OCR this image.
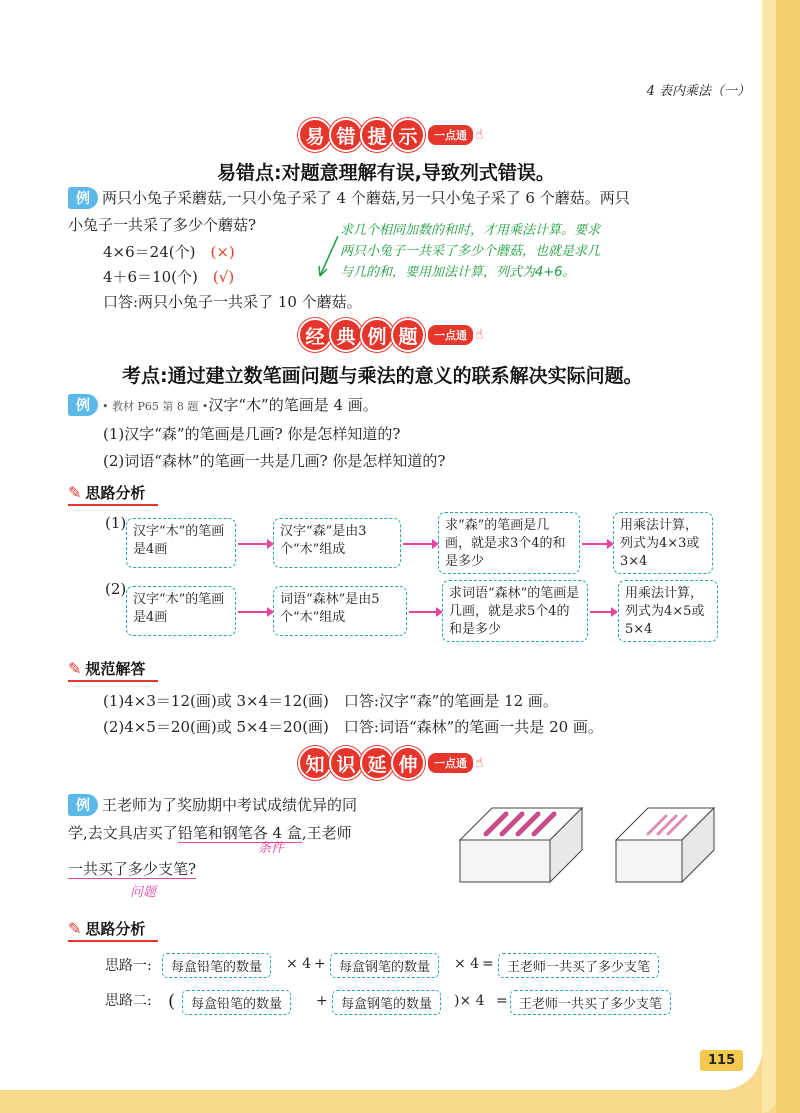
4 表内乘法（一）
易 错 提 示	一点通 ☝
易错点:对题意理解有误,导致列式错误。
例 两只小兔子采蘑菇,一只小兔子采了 4 个蘑菇,另一只小兔子采了 6 个蘑菇。两只
小兔子一共采了多少个蘑菇?
4×6＝24(个)　 (×)
4＋6＝10(个)　 (√)
口答:两只小兔子一共采了 10 个蘑菇。
求几个相同加数的和时，才用乘法计算。要求
两只小兔子一共采了多少个蘑菇，也就是求几
与几的和，要用加法计算，列式为4+6。
经 典 例 题	一点通 ☝
考点:通过建立数笔画问题与乘法的意义的联系解决实际问题。
例 • 教材 P65 第 8 题 •汉字“木”的笔画是 4 画。
(1)汉字“森”的笔画是几画? 你是怎样知道的?
(2)词语“森林”的笔画一共是几画? 你是怎样知道的?
✎ 思路分析
(1) 汉字“木”的笔画是4画
汉字“森”是由3个“木”组成
求“森”的笔画是几画，就是求3个4的和是多少
用乘法计算，列式为4×3或3×4
(2)
汉字“木”的笔画是4画
词语“森林”是由5个“木”组成
求词语“森林”的笔画是几画，就是求5个4的和是多少
用乘法计算，列式为4×5或5×4
✎ 规范解答
(1)4×3＝12(画)或 3×4＝12(画)　口答:汉字“森”的笔画是 12 画。
(2)4×5＝20(画)或 5×4＝20(画)　口答:词语“森林”的笔画一共是 20 画。
知 识 延 伸	一点通 ☝
例 王老师为了奖励期中考试成绩优异的同
学,去文具店买了铅笔和钢笔各 4 盒,王老师
条件
一共买了多少支笔?
问题
✎ 思路分析
思路一:	每盒铅笔的数量	× 4 +	每盒钢笔的数量	× 4 =	王老师一共买了多少支笔
思路二: (	每盒铅笔的数量	+	每盒钢笔的数量	)× 4 = 王老师一共买了多少支笔
115
